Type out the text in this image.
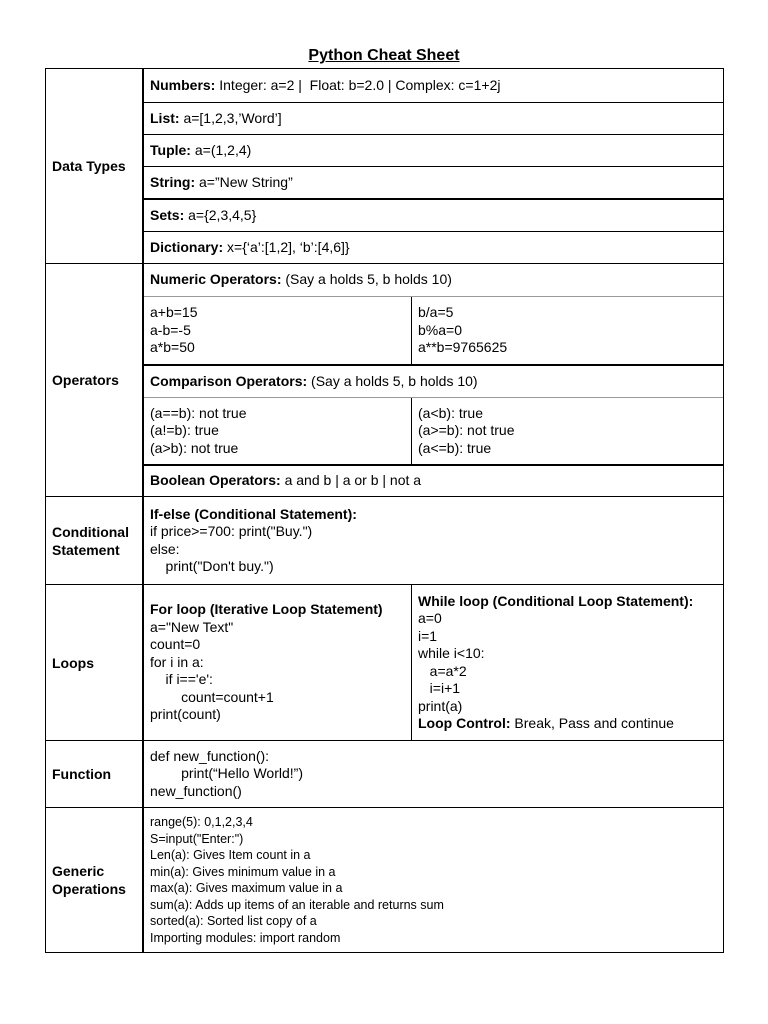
Python Cheat Sheet
Data Types
Numbers: Integer: a=2 |  Float: b=2.0 | Complex: c=1+2j
List: a=[1,2,3,’Word’]
Tuple: a=(1,2,4)
String: a=”New String”
Sets: a={2,3,4,5}
Dictionary: x={‘a’:[1,2], ‘b’:[4,6]}
Operators
Numeric Operators: (Say a holds 5, b holds 10)
a+b=15
a-b=-5
a*b=50
b/a=5
b%a=0
a**b=9765625
Comparison Operators: (Say a holds 5, b holds 10)
(a==b): not true
(a!=b): true
(a>b): not true
(a<b): true
(a>=b): not true
(a<=b): true
Boolean Operators: a and b | a or b | not a
Conditional
Statement
If-else (Conditional Statement):
if price>=700: print("Buy.")
else:
print("Don't buy.")
Loops
For loop (Iterative Loop Statement)
a="New Text"
count=0
for i in a:
if i=='e':
count=count+1
print(count)
While loop (Conditional Loop Statement):
a=0
i=1
while i<10:
a=a*2
i=i+1
print(a)
Loop Control: Break, Pass and continue
Function
def new_function():
print(“Hello World!”)
new_function()
Generic
Operations
range(5): 0,1,2,3,4
S=input("Enter:")
Len(a): Gives Item count in a
min(a): Gives minimum value in a
max(a): Gives maximum value in a
sum(a): Adds up items of an iterable and returns sum
sorted(a): Sorted list copy of a
Importing modules: import random
